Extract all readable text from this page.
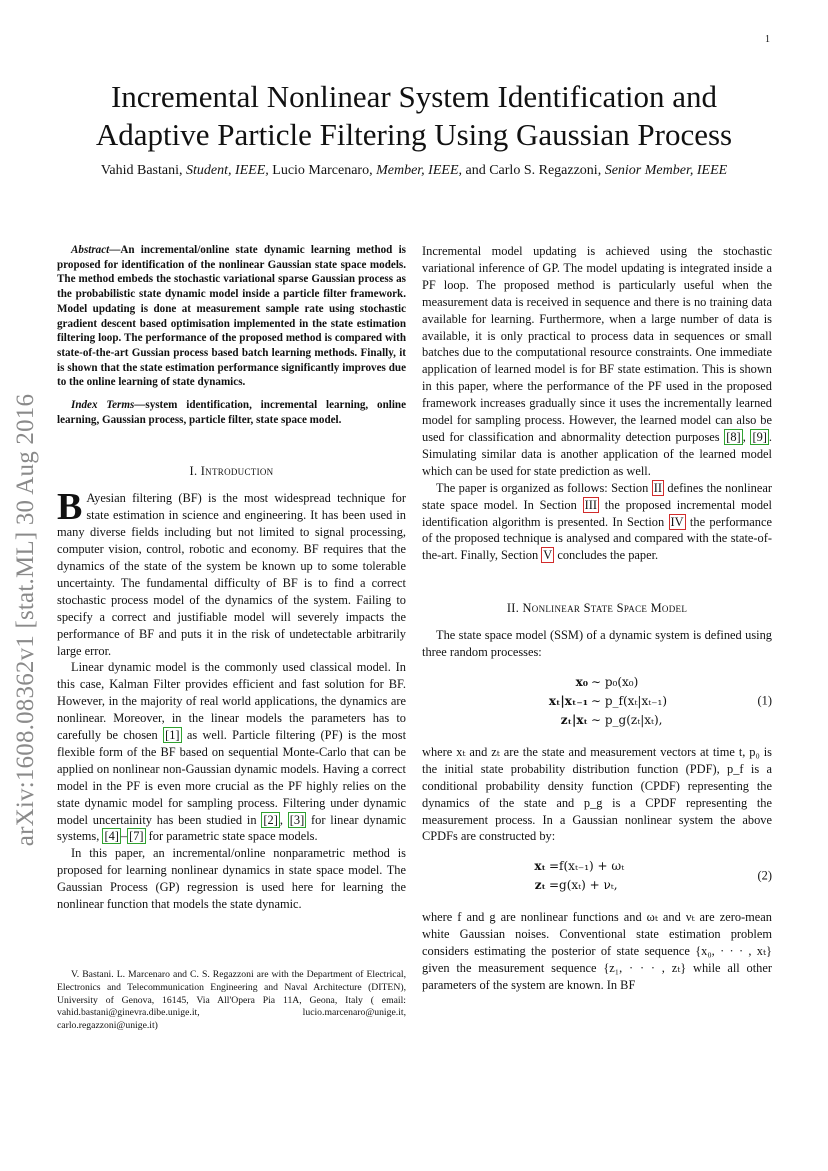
1
arXiv:1608.08362v1 [stat.ML] 30 Aug 2016
Incremental Nonlinear System Identification and
Adaptive Particle Filtering Using Gaussian Process
Vahid Bastani, Student, IEEE, Lucio Marcenaro, Member, IEEE, and Carlo S. Regazzoni, Senior Member, IEEE

Abstract—An incremental/online state dynamic learning method is proposed for identification of the nonlinear Gaussian state space models. The method embeds the stochastic variational sparse Gaussian process as the probabilistic state dynamic model inside a particle filter framework. Model updating is done at measurement sample rate using stochastic gradient descent based optimisation implemented in the state estimation filtering loop. The performance of the proposed method is compared with state-of-the-art Gussian process based batch learning methods. Finally, it is shown that the state estimation performance significantly improves due to the online learning of state dynamics.

Index Terms—system identification, incremental learning, online learning, Gaussian process, particle filter, state space model.

I. Introduction

B Ayesian filtering (BF) is the most widespread technique for state estimation in science and engineering. It has been used in many diverse fields including but not limited to signal processing, computer vision, control, robotic and economy. BF requires that the dynamics of the state of the system be known up to some tolerable uncertainty. The fundamental difficulty of BF is to find a correct stochastic process model of the dynamics of the system. Failing to specify a correct and justifiable model will severely impacts the performance of BF and puts it in the risk of undetectable arbitrarily large error.

Linear dynamic model is the commonly used classical model. In this case, Kalman Filter provides efficient and fast solution for BF. However, in the majority of real world applications, the dynamics are nonlinear. Moreover, in the linear models the parameters has to carefully be chosen [1] as well. Particle filtering (PF) is the most flexible form of the BF based on sequential Monte-Carlo that can be applied on nonlinear non-Gaussian dynamic models. Having a correct model in the PF is even more crucial as the PF highly relies on the state dynamic model for sampling process. Filtering under dynamic model uncertainity has been studied in [2] , [3] for linear dynamic systems, [4] – [7] for parametric state space models.

In this paper, an incremental/online nonparametric method is proposed for learning nonlinear dynamics in state space model. The Gaussian Process (GP) regression is used here for learning the nonlinear function that models the state dynamic.

V. Bastani. L. Marcenaro and C. S. Regazzoni are with the Department of Electrical, Electronics and Telecommunication Engineering and Naval Architecture (DITEN), University of Genova, 16145, Via All'Opera Pia 11A, Geona, Italy ( email: vahid.bastani@ginevra.dibe.unige.it, lucio.marcenaro@unige.it, carlo.regazzoni@unige.it)

Incremental model updating is achieved using the stochastic variational inference of GP. The model updating is integrated inside a PF loop. The proposed method is particularly useful when the measurement data is received in sequence and there is no training data available for learning. Furthermore, when a large number of data is available, it is only practical to process data in sequences or small batches due to the computational resource constraints. One immediate application of learned model is for BF state estimation. This is shown in this paper, where the performance of the PF used in the proposed framework increases gradually since it uses the incrementally learned model for sampling process. However, the learned model can also be used for classification and abnormality detection purposes [8] , [9] . Simulating similar data is another application of the learned model which can be used for state prediction as well.

The paper is organized as follows: Section II defines the nonlinear state space model. In Section III the proposed incremental model identification algorithm is presented. In Section IV the performance of the proposed technique is analysed and compared with the state-of-the-art. Finally, Section V concludes the paper.

II. Nonlinear State Space Model

The state space model (SSM) of a dynamic system is defined using three random processes:

x₀ ∼ p₀(x₀)
xₜ|xₜ₋₁ ∼ p_f(xₜ|xₜ₋₁)
zₜ|xₜ ∼ p_g(zₜ|xₜ),
(1)

where xₜ and zₜ are the state and measurement vectors at time t, p₀ is the initial state probability distribution function (PDF), p_f is a conditional probability density function (CPDF) representing the dynamics of the state and p_g is a CPDF representing the measurement process. In a Gaussian nonlinear system the above CPDFs are constructed by:

xₜ =f(xₜ₋₁) + ωₜ
zₜ =g(xₜ) + νₜ,
(2)

where f and g are nonlinear functions and ωₜ and νₜ are zero-mean white Gaussian noises. Conventional state estimation problem considers estimating the posterior of state sequence {x₀, · · · , xₜ} given the measurement sequence {z₁, · · · , zₜ} while all other parameters of the system are known. In BF
